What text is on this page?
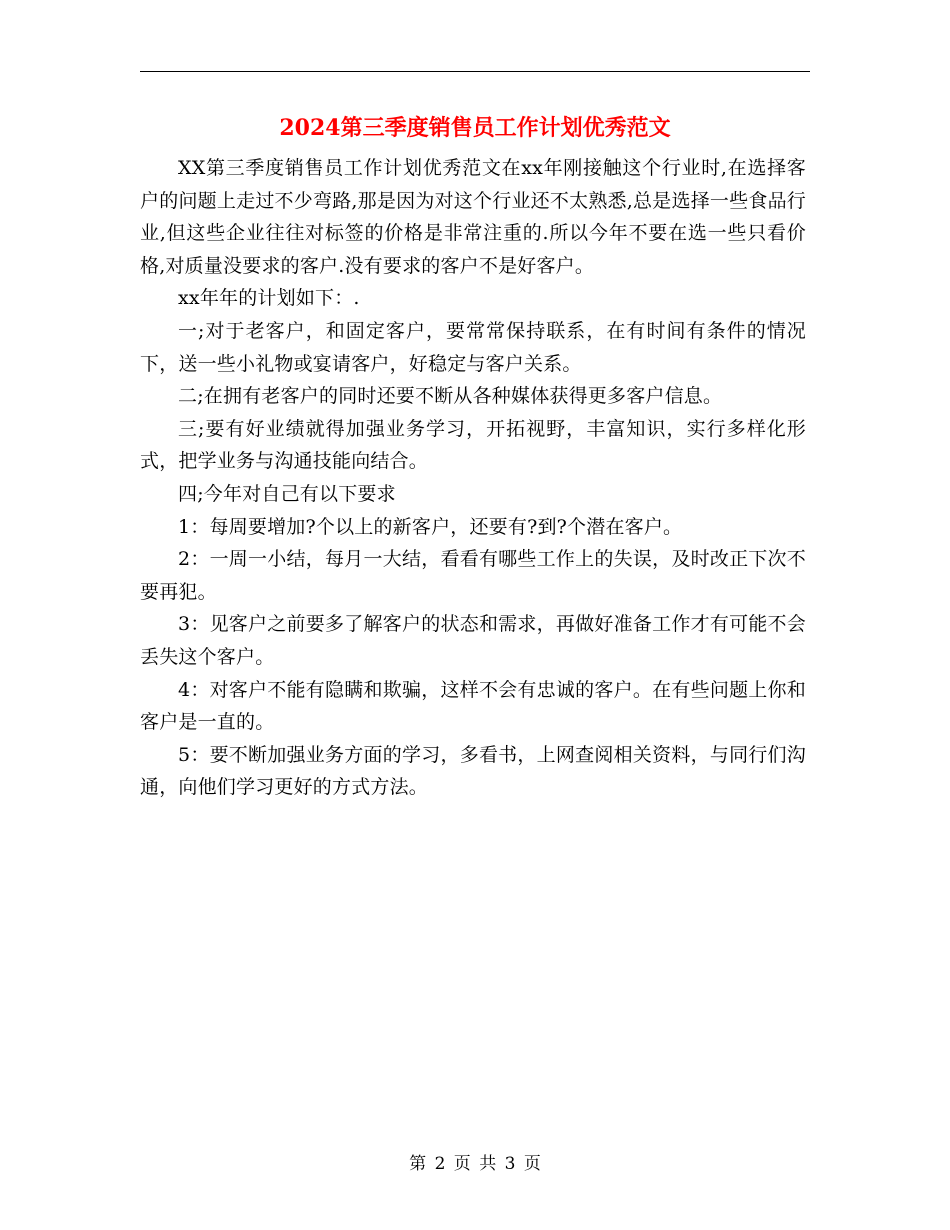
2024第三季度销售员工作计划优秀范文

XX第三季度销售员工作计划优秀范文在xx年刚接触这个行业时,在选择客户的问题上走过不少弯路,那是因为对这个行业还不太熟悉,总是选择一些食品行业,但这些企业往往对标签的价格是非常注重的.所以今年不要在选一些只看价格,对质量没要求的客户.没有要求的客户不是好客户。

xx年年的计划如下：.

一;对于老客户，和固定客户，要常常保持联系，在有时间有条件的情况下，送一些小礼物或宴请客户，好稳定与客户关系。

二;在拥有老客户的同时还要不断从各种媒体获得更多客户信息。

三;要有好业绩就得加强业务学习，开拓视野，丰富知识，实行多样化形式，把学业务与沟通技能向结合。

四;今年对自己有以下要求

1：每周要增加?个以上的新客户，还要有?到?个潜在客户。

2：一周一小结，每月一大结，看看有哪些工作上的失误，及时改正下次不要再犯。

3：见客户之前要多了解客户的状态和需求，再做好准备工作才有可能不会丢失这个客户。

4：对客户不能有隐瞒和欺骗，这样不会有忠诚的客户。在有些问题上你和客户是一直的。

5：要不断加强业务方面的学习，多看书，上网查阅相关资料，与同行们沟通，向他们学习更好的方式方法。

第 2 页 共 3 页
